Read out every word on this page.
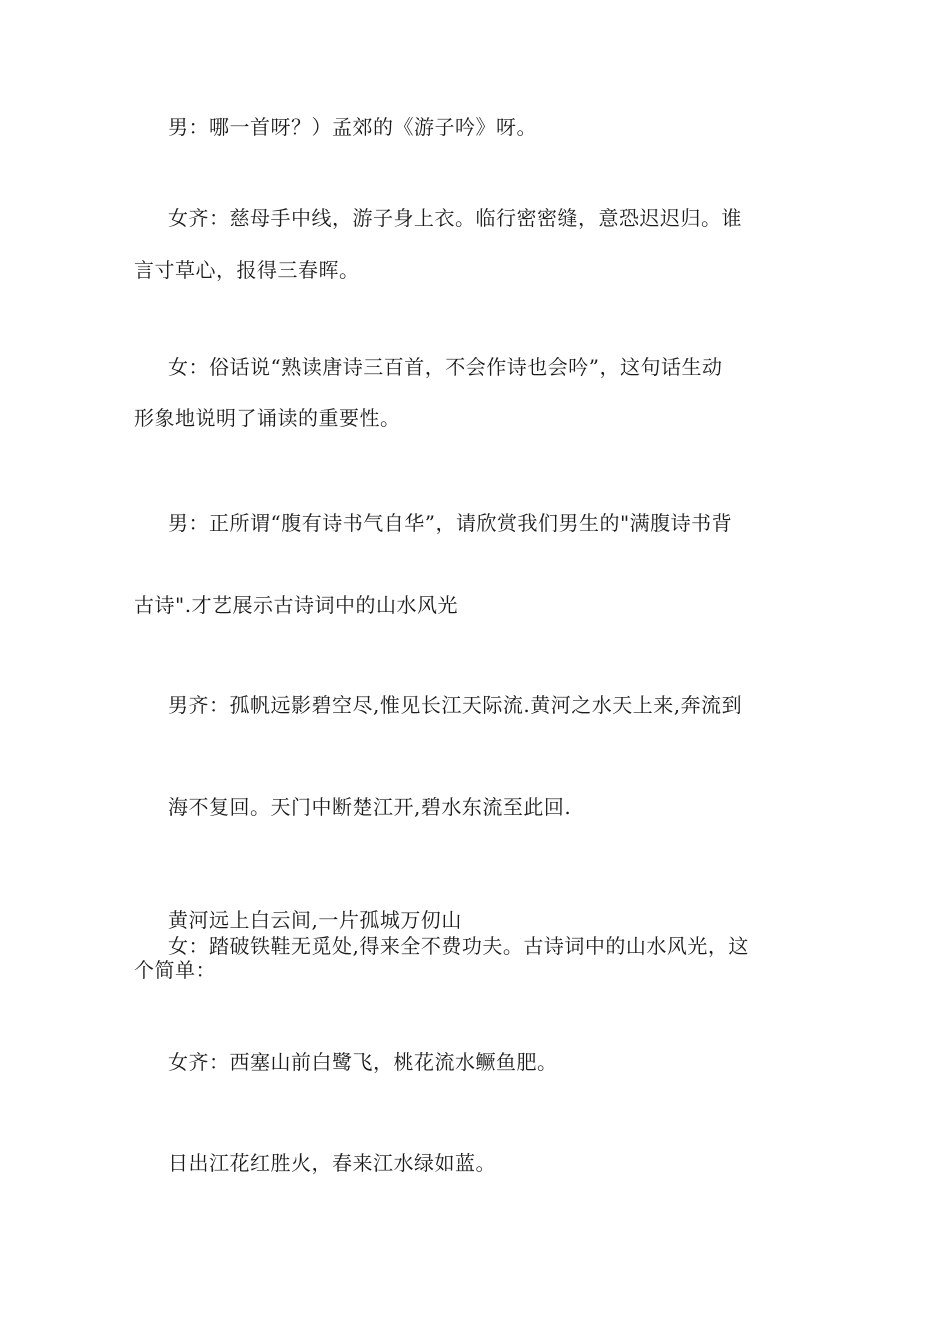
男：哪一首呀？）孟郊的《游子吟》呀。
女齐：慈母手中线，游子身上衣。临行密密缝，意恐迟迟归。谁
言寸草心，报得三春晖。
女：俗话说“熟读唐诗三百首，不会作诗也会吟”，这句话生动
形象地说明了诵读的重要性。
男：正所谓“腹有诗书气自华”，请欣赏我们男生的"满腹诗书背
古诗".才艺展示古诗词中的山水风光
男齐：孤帆远影碧空尽,惟见长江天际流.黄河之水天上来,奔流到
海不复回。天门中断楚江开,碧水东流至此回.
黄河远上白云间,一片孤城万仞山
女：踏破铁鞋无觅处,得来全不费功夫。古诗词中的山水风光，这
个简单：
女齐：西塞山前白鹭飞，桃花流水鳜鱼肥。
日出江花红胜火，春来江水绿如蓝。
